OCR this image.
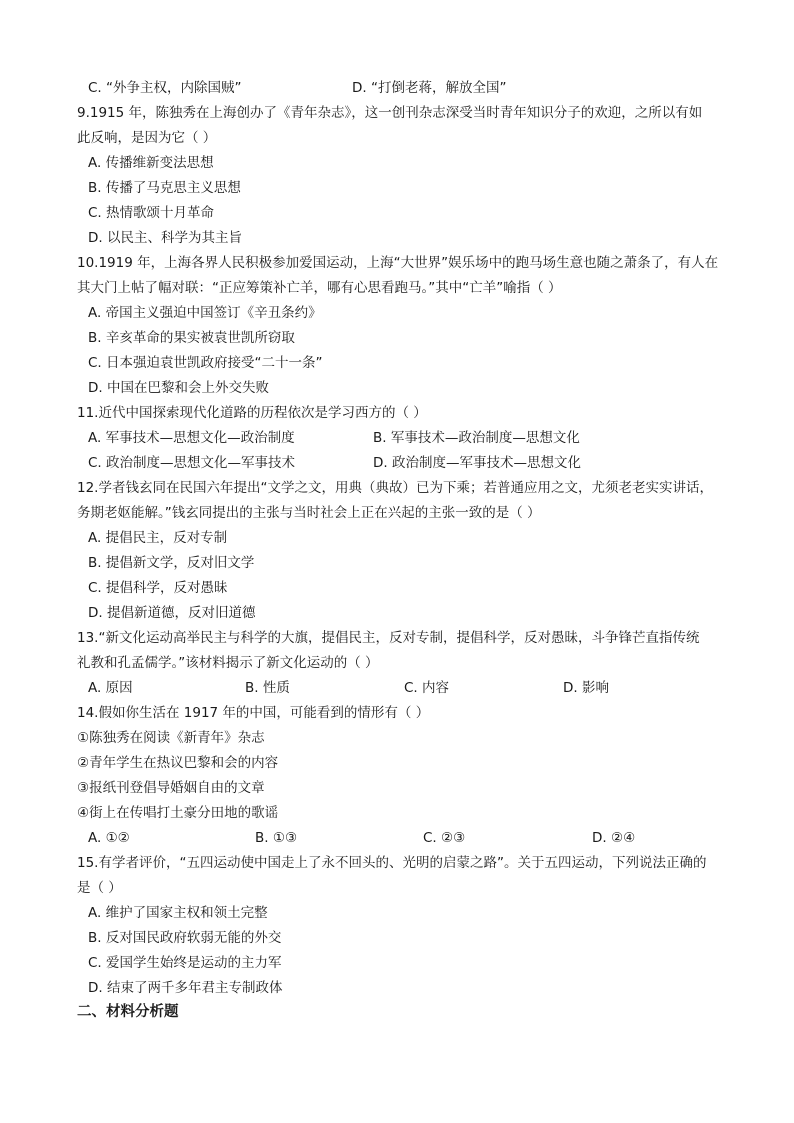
C. “外争主权，内除国贼”	D. “打倒老蒋，解放全国”
9.1915 年，陈独秀在上海创办了《青年杂志》，这一创刊杂志深受当时青年知识分子的欢迎，之所以有如
此反响，是因为它（ ）
A. 传播维新变法思想
B. 传播了马克思主义思想
C. 热情歌颂十月革命
D. 以民主、科学为其主旨
10.1919 年，上海各界人民积极参加爱国运动，上海“大世界”娱乐场中的跑马场生意也随之萧条了，有人在
其大门上帖了幅对联：“正应筹策补亡羊，哪有心思看跑马。”其中“亡羊”喻指（ ）
A. 帝国主义强迫中国签订《辛丑条约》
B. 辛亥革命的果实被袁世凯所窃取
C. 日本强迫袁世凯政府接受“二十一条”
D. 中国在巴黎和会上外交失败
11.近代中国探索现代化道路的历程依次是学习西方的（ ）
A. 军事技术—思想文化—政治制度	B. 军事技术—政治制度—思想文化
C. 政治制度—思想文化—军事技术	D. 政治制度—军事技术—思想文化
12.学者钱玄同在民国六年提出“文学之文，用典（典故）已为下乘；若普通应用之文，尤须老老实实讲话，
务期老妪能解。”钱玄同提出的主张与当时社会上正在兴起的主张一致的是（ ）
A. 提倡民主，反对专制
B. 提倡新文学，反对旧文学
C. 提倡科学，反对愚昧
D. 提倡新道德，反对旧道德
13.“新文化运动高举民主与科学的大旗，提倡民主，反对专制，提倡科学，反对愚昧，斗争锋芒直指传统
礼教和孔孟儒学。”该材料揭示了新文化运动的（ ）
A. 原因	B. 性质	C. 内容	D. 影响
14.假如你生活在 1917 年的中国，可能看到的情形有（ ）
①陈独秀在阅读《新青年》杂志
②青年学生在热议巴黎和会的内容
③报纸刊登倡导婚姻自由的文章
④街上在传唱打土豪分田地的歌谣
A. ①②	B. ①③	C. ②③	D. ②④
15.有学者评价，“五四运动使中国走上了永不回头的、光明的启蒙之路”。关于五四运动，下列说法正确的
是（ ）
A. 维护了国家主权和领土完整
B. 反对国民政府软弱无能的外交
C. 爱国学生始终是运动的主力军
D. 结束了两千多年君主专制政体
二、材料分析题
